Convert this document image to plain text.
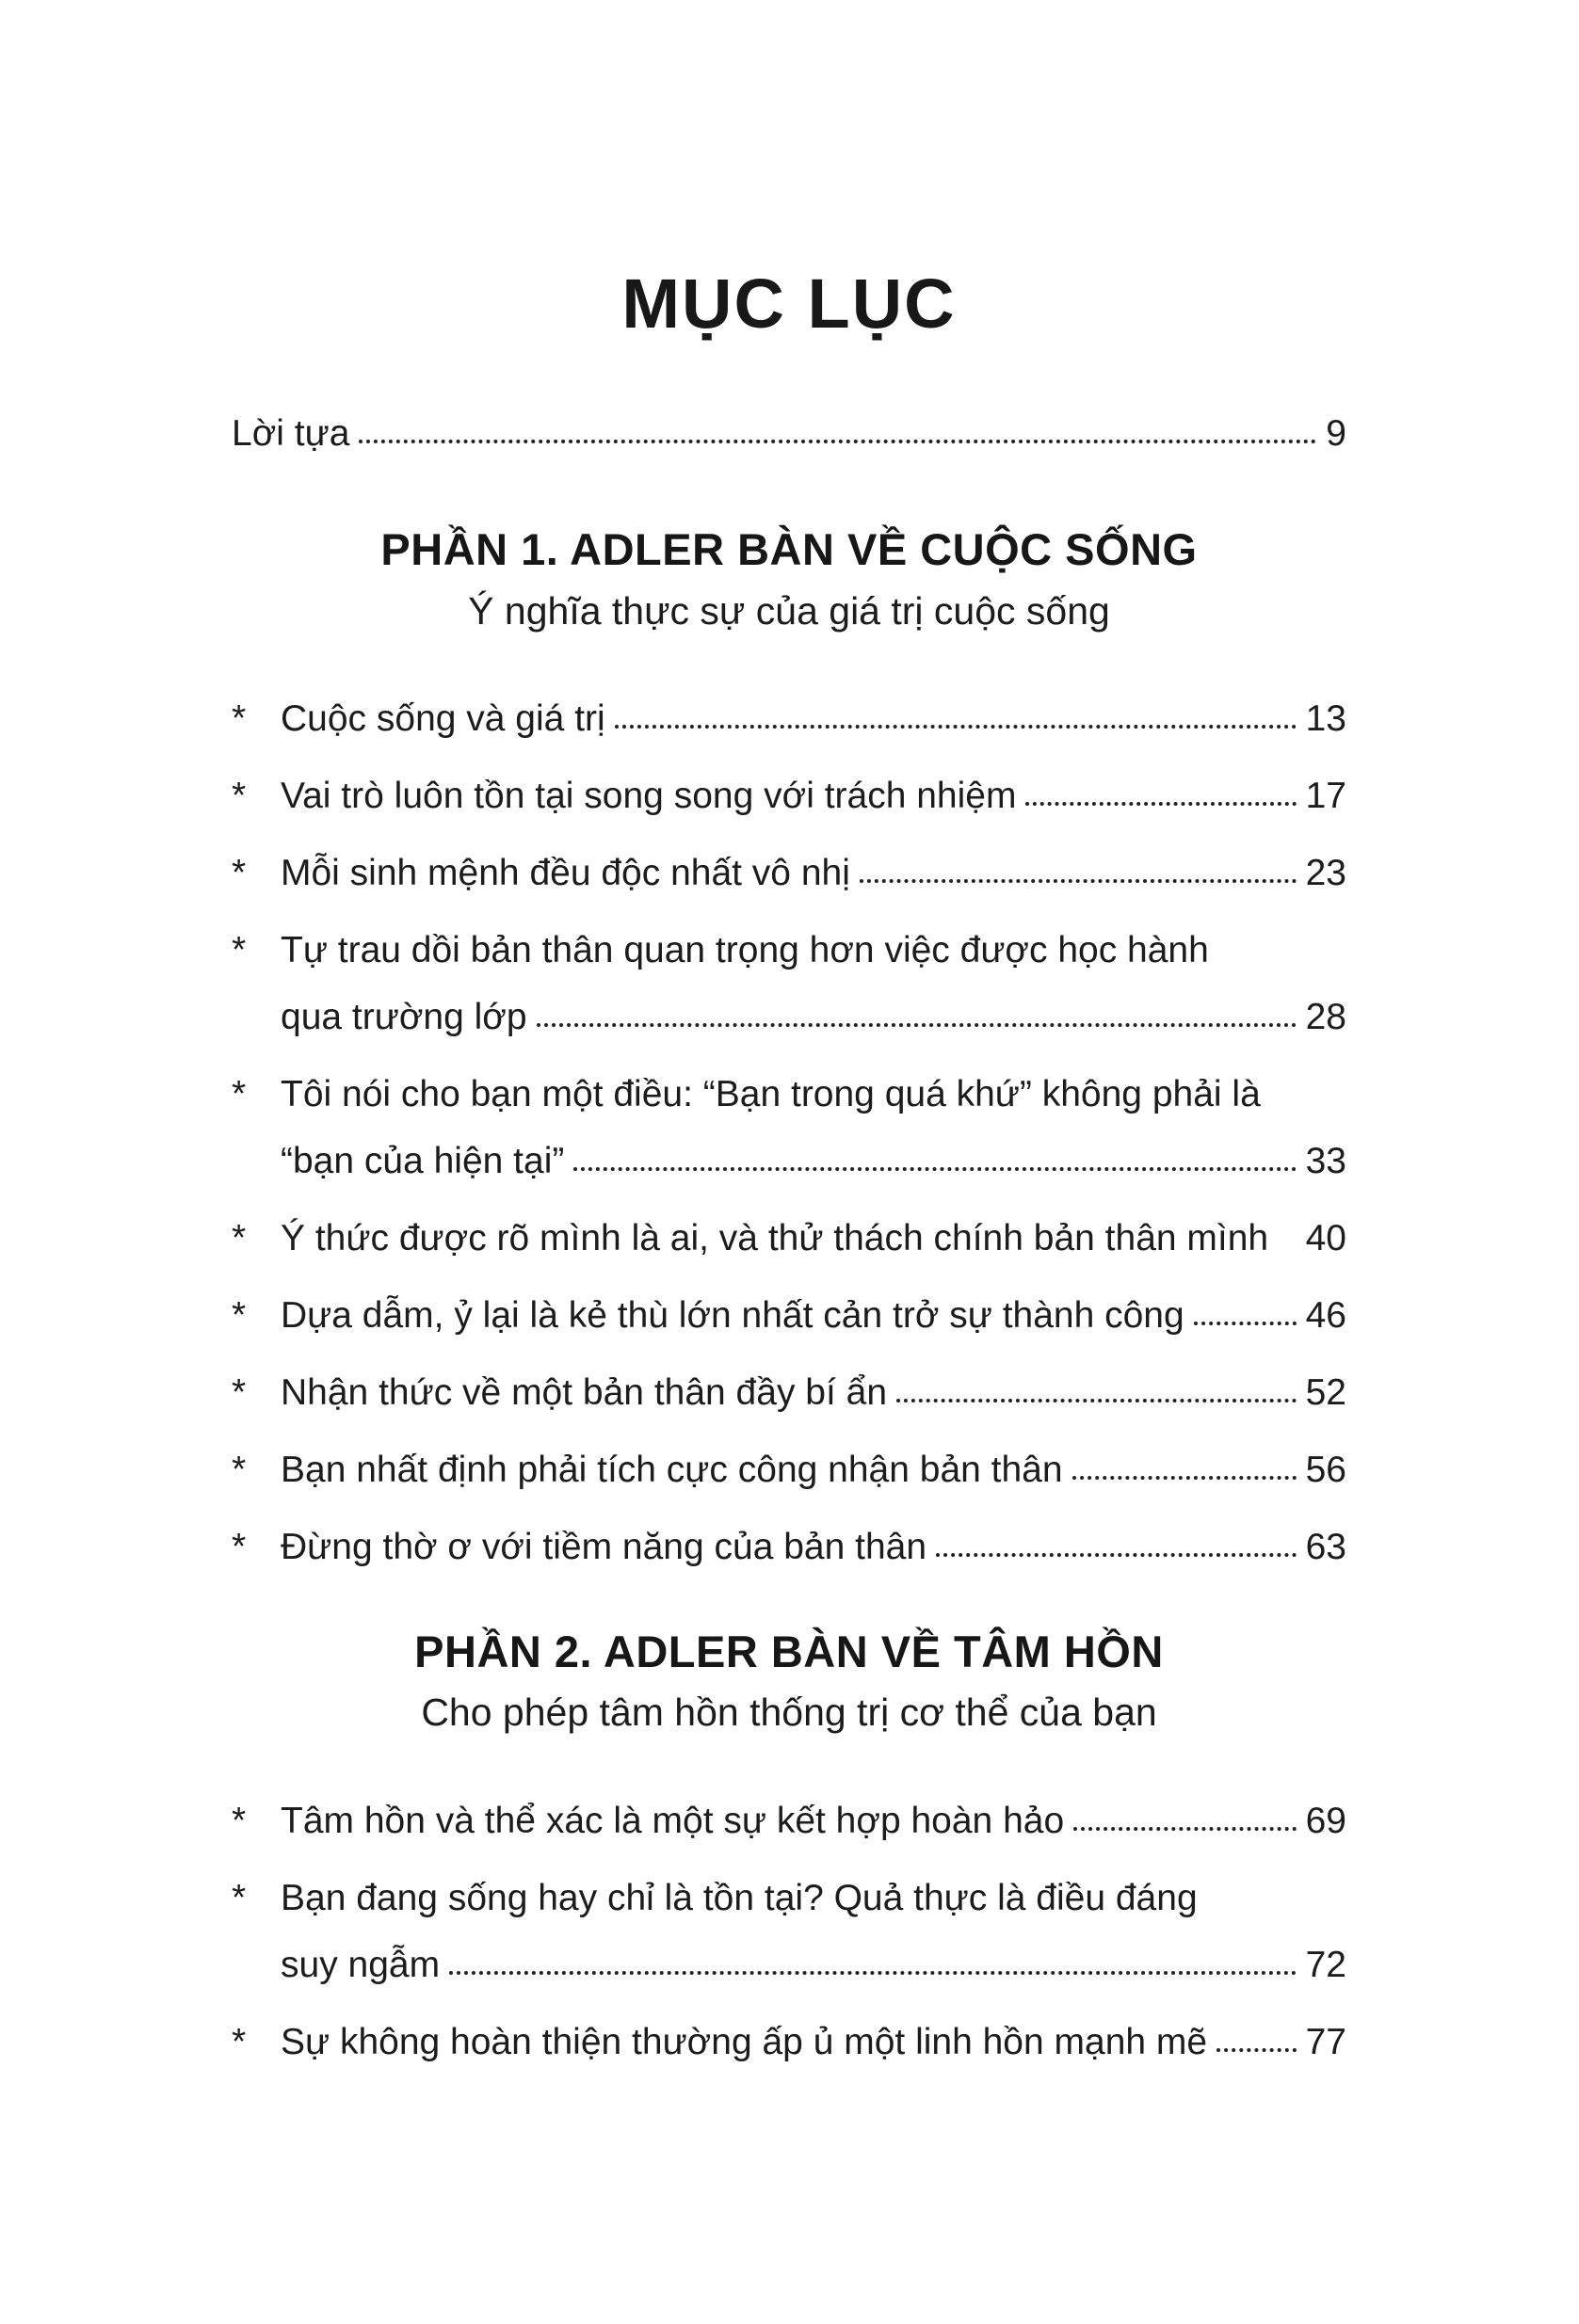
MỤC LỤC
Lời tựa	9
PHẦN 1. ADLER BÀN VỀ CUỘC SỐNG
Ý nghĩa thực sự của giá trị cuộc sống
* Cuộc sống và giá trị	13
* Vai trò luôn tồn tại song song với trách nhiệm	17
* Mỗi sinh mệnh đều độc nhất vô nhị	23
* Tự trau dồi bản thân quan trọng hơn việc được học hành
qua trường lớp	28
* Tôi nói cho bạn một điều: “Bạn trong quá khứ” không phải là
“bạn của hiện tại”	33
* Ý thức được rõ mình là ai, và thử thách chính bản thân mình 40
* Dựa dẫm, ỷ lại là kẻ thù lớn nhất cản trở sự thành công	46
* Nhận thức về một bản thân đầy bí ẩn	52
* Bạn nhất định phải tích cực công nhận bản thân	56
* Đừng thờ ơ với tiềm năng của bản thân	63
PHẦN 2. ADLER BÀN VỀ TÂM HỒN
Cho phép tâm hồn thống trị cơ thể của bạn
* Tâm hồn và thể xác là một sự kết hợp hoàn hảo	69
* Bạn đang sống hay chỉ là tồn tại? Quả thực là điều đáng
suy ngẫm	72
* Sự không hoàn thiện thường ấp ủ một linh hồn mạnh mẽ	77
